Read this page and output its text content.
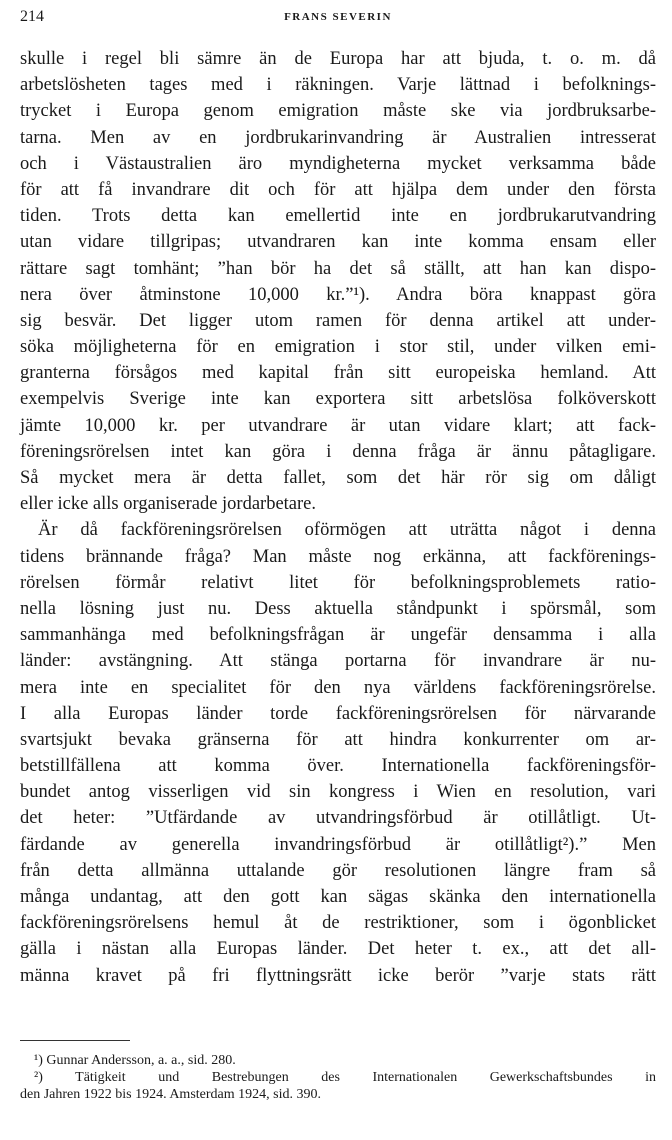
214	FRANS SEVERIN
skulle i regel bli sämre än de Europa har att bjuda, t. o. m. då
arbetslösheten tages med i räkningen. Varje lättnad i befolknings-
trycket i Europa genom emigration måste ske via jordbruksarbe-
tarna. Men av en jordbrukarinvandring är Australien intresserat
och i Västaustralien äro myndigheterna mycket verksamma både
för att få invandrare dit och för att hjälpa dem under den första
tiden. Trots detta kan emellertid inte en jordbrukarutvandring
utan vidare tillgripas; utvandraren kan inte komma ensam eller
rättare sagt tomhänt; ”han bör ha det så ställt, att han kan dispo-
nera över åtminstone 10,000 kr.”¹). Andra böra knappast göra
sig besvär. Det ligger utom ramen för denna artikel att under-
söka möjligheterna för en emigration i stor stil, under vilken emi-
granterna försågos med kapital från sitt europeiska hemland. Att
exempelvis Sverige inte kan exportera sitt arbetslösa folköverskott
jämte 10,000 kr. per utvandrare är utan vidare klart; att fack-
föreningsrörelsen intet kan göra i denna fråga är ännu påtagligare.
Så mycket mera är detta fallet, som det här rör sig om dåligt
eller icke alls organiserade jordarbetare.
Är då fackföreningsrörelsen oförmögen att uträtta något i denna
tidens brännande fråga? Man måste nog erkänna, att fackförenings-
rörelsen förmår relativt litet för befolkningsproblemets ratio-
nella lösning just nu. Dess aktuella ståndpunkt i spörsmål, som
sammanhänga med befolkningsfrågan är ungefär densamma i alla
länder: avstängning. Att stänga portarna för invandrare är nu-
mera inte en specialitet för den nya världens fackföreningsrörelse.
I alla Europas länder torde fackföreningsrörelsen för närvarande
svartsjukt bevaka gränserna för att hindra konkurrenter om ar-
betstillfällena att komma över. Internationella fackföreningsför-
bundet antog visserligen vid sin kongress i Wien en resolution, vari
det heter: ”Utfärdande av utvandringsförbud är otillåtligt. Ut-
färdande av generella invandringsförbud är otillåtligt²).” Men
från detta allmänna uttalande gör resolutionen längre fram så
många undantag, att den gott kan sägas skänka den internationella
fackföreningsrörelsens hemul åt de restriktioner, som i ögonblicket
gälla i nästan alla Europas länder. Det heter t. ex., att det all-
männa kravet på fri flyttningsrätt icke berör ”varje stats rätt
¹) Gunnar Andersson, a. a., sid. 280.
²) Tätigkeit und Bestrebungen des Internationalen Gewerkschaftsbundes in
den Jahren 1922 bis 1924. Amsterdam 1924, sid. 390.
